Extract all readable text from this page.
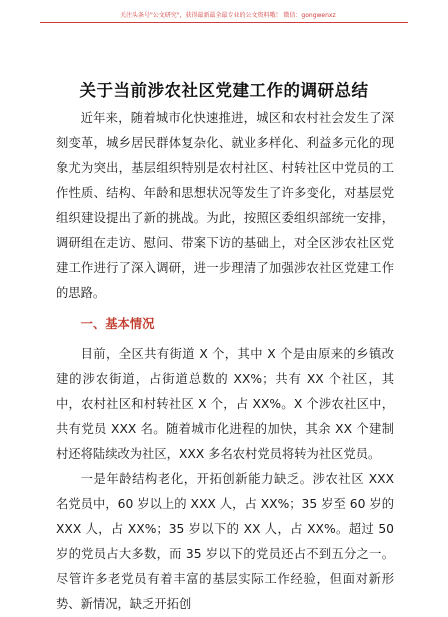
关注头条号"公文研究"，获得最新最全最专业的公文资料哦！ 微信：gongwenxz
关于当前涉农社区党建工作的调研总结

近年来，随着城市化快速推进，城区和农村社会发生了深刻变革，城乡居民群体复杂化、就业多样化、利益多元化的现象尤为突出，基层组织特别是农村社区、村转社区中党员的工作性质、结构、年龄和思想状况等发生了许多变化，对基层党组织建设提出了新的挑战。为此，按照区委组织部统一安排，调研组在走访、慰问、带案下访的基础上，对全区涉农社区党建工作进行了深入调研，进一步理清了加强涉农社区党建工作的思路。

一、基本情况

目前，全区共有街道 X 个，其中 X 个是由原来的乡镇改建的涉农街道，占街道总数的 XX%；共有 XX 个社区，其中，农村社区和村转社区 X 个，占 XX%。X 个涉农社区中，共有党员 XXX 名。随着城市化进程的加快，其余 XX 个建制村还将陆续改为社区，XXX 多名农村党员将转为社区党员。

一是年龄结构老化，开拓创新能力缺乏。涉农社区 XXX 名党员中，60 岁以上的 XXX 人，占 XX%；35 岁至 60 岁的 XXX 人，占 XX%；35 岁以下的 XX 人，占 XX%。超过 50 岁的党员占大多数，而 35 岁以下的党员还占不到五分之一。尽管许多老党员有着丰富的基层实际工作经验，但面对新形势、新情况，缺乏开拓创
